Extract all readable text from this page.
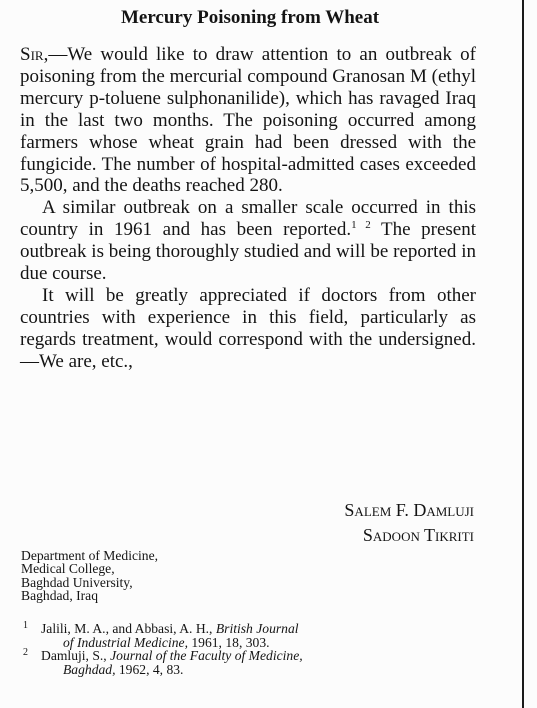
Mercury Poisoning from Wheat

Sir,—We would like to draw attention to an outbreak of poisoning from the mercurial compound Granosan M (ethyl mercury p-toluene sulphonanilide), which has ravaged Iraq in the last two months. The poisoning occurred among farmers whose wheat grain had been dressed with the fungicide. The number of hospital-admitted cases exceeded 5,500, and the deaths reached 280.

A similar outbreak on a smaller scale occurred in this country in 1961 and has been reported.$^{1 2}$ The present outbreak is being thoroughly studied and will be reported in due course.

It will be greatly appreciated if doctors from other countries with experience in this field, particularly as regards treatment, would correspond with the undersigned.—We are, etc.,

Salem F. Damluji
Sadoon Tikriti
Department of Medicine,
Medical College,
Baghdad University,
Baghdad, Iraq
1 Jalili, M. A., and Abbasi, A. H., British Journal
of Industrial Medicine, 1961, 18, 303.
2 Damluji, S., Journal of the Faculty of Medicine,
Baghdad, 1962, 4, 83.
